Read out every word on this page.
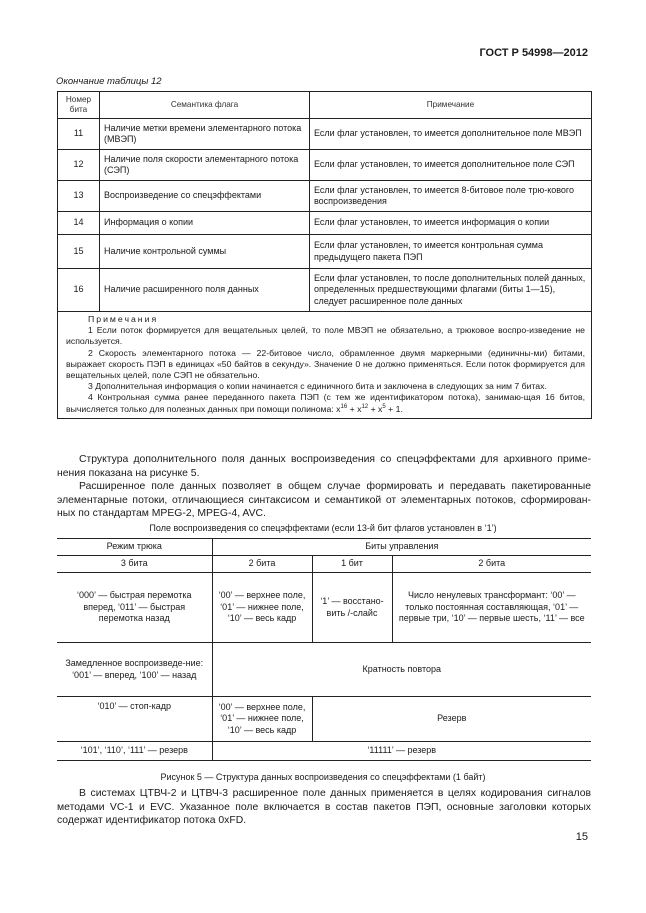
ГОСТ Р 54998—2012
Окончание таблицы 12
Номер бита	Семантика флага	Примечание
11	Наличие метки времени элементарного потока (МВЭП)	Если флаг установлен, то имеется дополнительное поле МВЭП
12	Наличие поля скорости элементарного потока (СЭП)	Если флаг установлен, то имеется дополнительное поле СЭП
13	Воспроизведение со спецэффектами	Если флаг установлен, то имеется 8-битовое поле трю-кового воспроизведения
14	Информация о копии	Если флаг установлен, то имеется информация о копии
15	Наличие контрольной суммы	Если флаг установлен, то имеется контрольная сумма предыдущего пакета ПЭП
16	Наличие расширенного поля данных	Если флаг установлен, то после дополнительных полей данных, определенных предшествующими флагами (биты 1—15), следует расширенное поле данных

Примечания
1 Если поток формируется для вещательных целей, то поле МВЭП не обязательно, а трюковое воспро-изведение не используется.
2 Скорость элементарного потока — 22-битовое число, обрамленное двумя маркерными (единичны-ми) битами, выражает скорость ПЭП в единицах «50 байтов в секунду». Значение 0 не должно применяться. Если поток формируется для вещательных целей, поле СЭП не обязательно.
3 Дополнительная информация о копии начинается с единичного бита и заключена в следующих за ним 7 битах.
4 Контрольная сумма ранее переданного пакета ПЭП (с тем же идентификатором потока), занимаю-щая 16 битов, вычисляется только для полезных данных при помощи полинома: $x^{16} + x^{12} + x^5 + 1$.		
Структура дополнительного поля данных воспроизведения со спецэффектами для архивного приме-нения показана на рисунке 5.
Расширенное поле данных позволяет в общем случае формировать и передавать пакетированные элементарные потоки, отличающиеся синтаксисом и семантикой от элементарных потоков, сформирован-ных по стандартам MPEG-2, MPEG-4, AVC.
Поле воспроизведения со спецэффектами (если 13-й бит флагов установлен в ‘1’)
Режим трюка	Биты управления		
3 бита	2 бита	1 бит	2 бита
‘000’ — быстрая перемотка вперед, ‘011’ — быстрая перемотка назад	‘00’ — верхнее поле, ‘01’ — нижнее поле, ‘10’ — весь кадр	‘1’ — восстано-вить /-слайс	Число ненулевых трансформант: ‘00’ — только постоянная составляющая, ‘01’ — первые три, ‘10’ — первые шесть, ‘11’ — все
Замедленное воспроизведе-ние: ‘001’ — вперед, ‘100’ — назад	Кратность повтора		
‘010’ — стоп-кадр	‘00’ — верхнее поле, ‘01’ — нижнее поле, ‘10’ — весь кадр	Резерв	
‘101’, ‘110’, ‘111’ — резерв	‘11111’ — резерв		
Рисунок 5 — Структура данных воспроизведения со спецэффектами (1 байт)
В системах ЦТВЧ-2 и ЦТВЧ-3 расширенное поле данных применяется в целях кодирования сигналов методами VC-1 и EVC. Указанное поле включается в состав пакетов ПЭП, основные заголовки которых содержат идентификатор потока 0xFD.
15
